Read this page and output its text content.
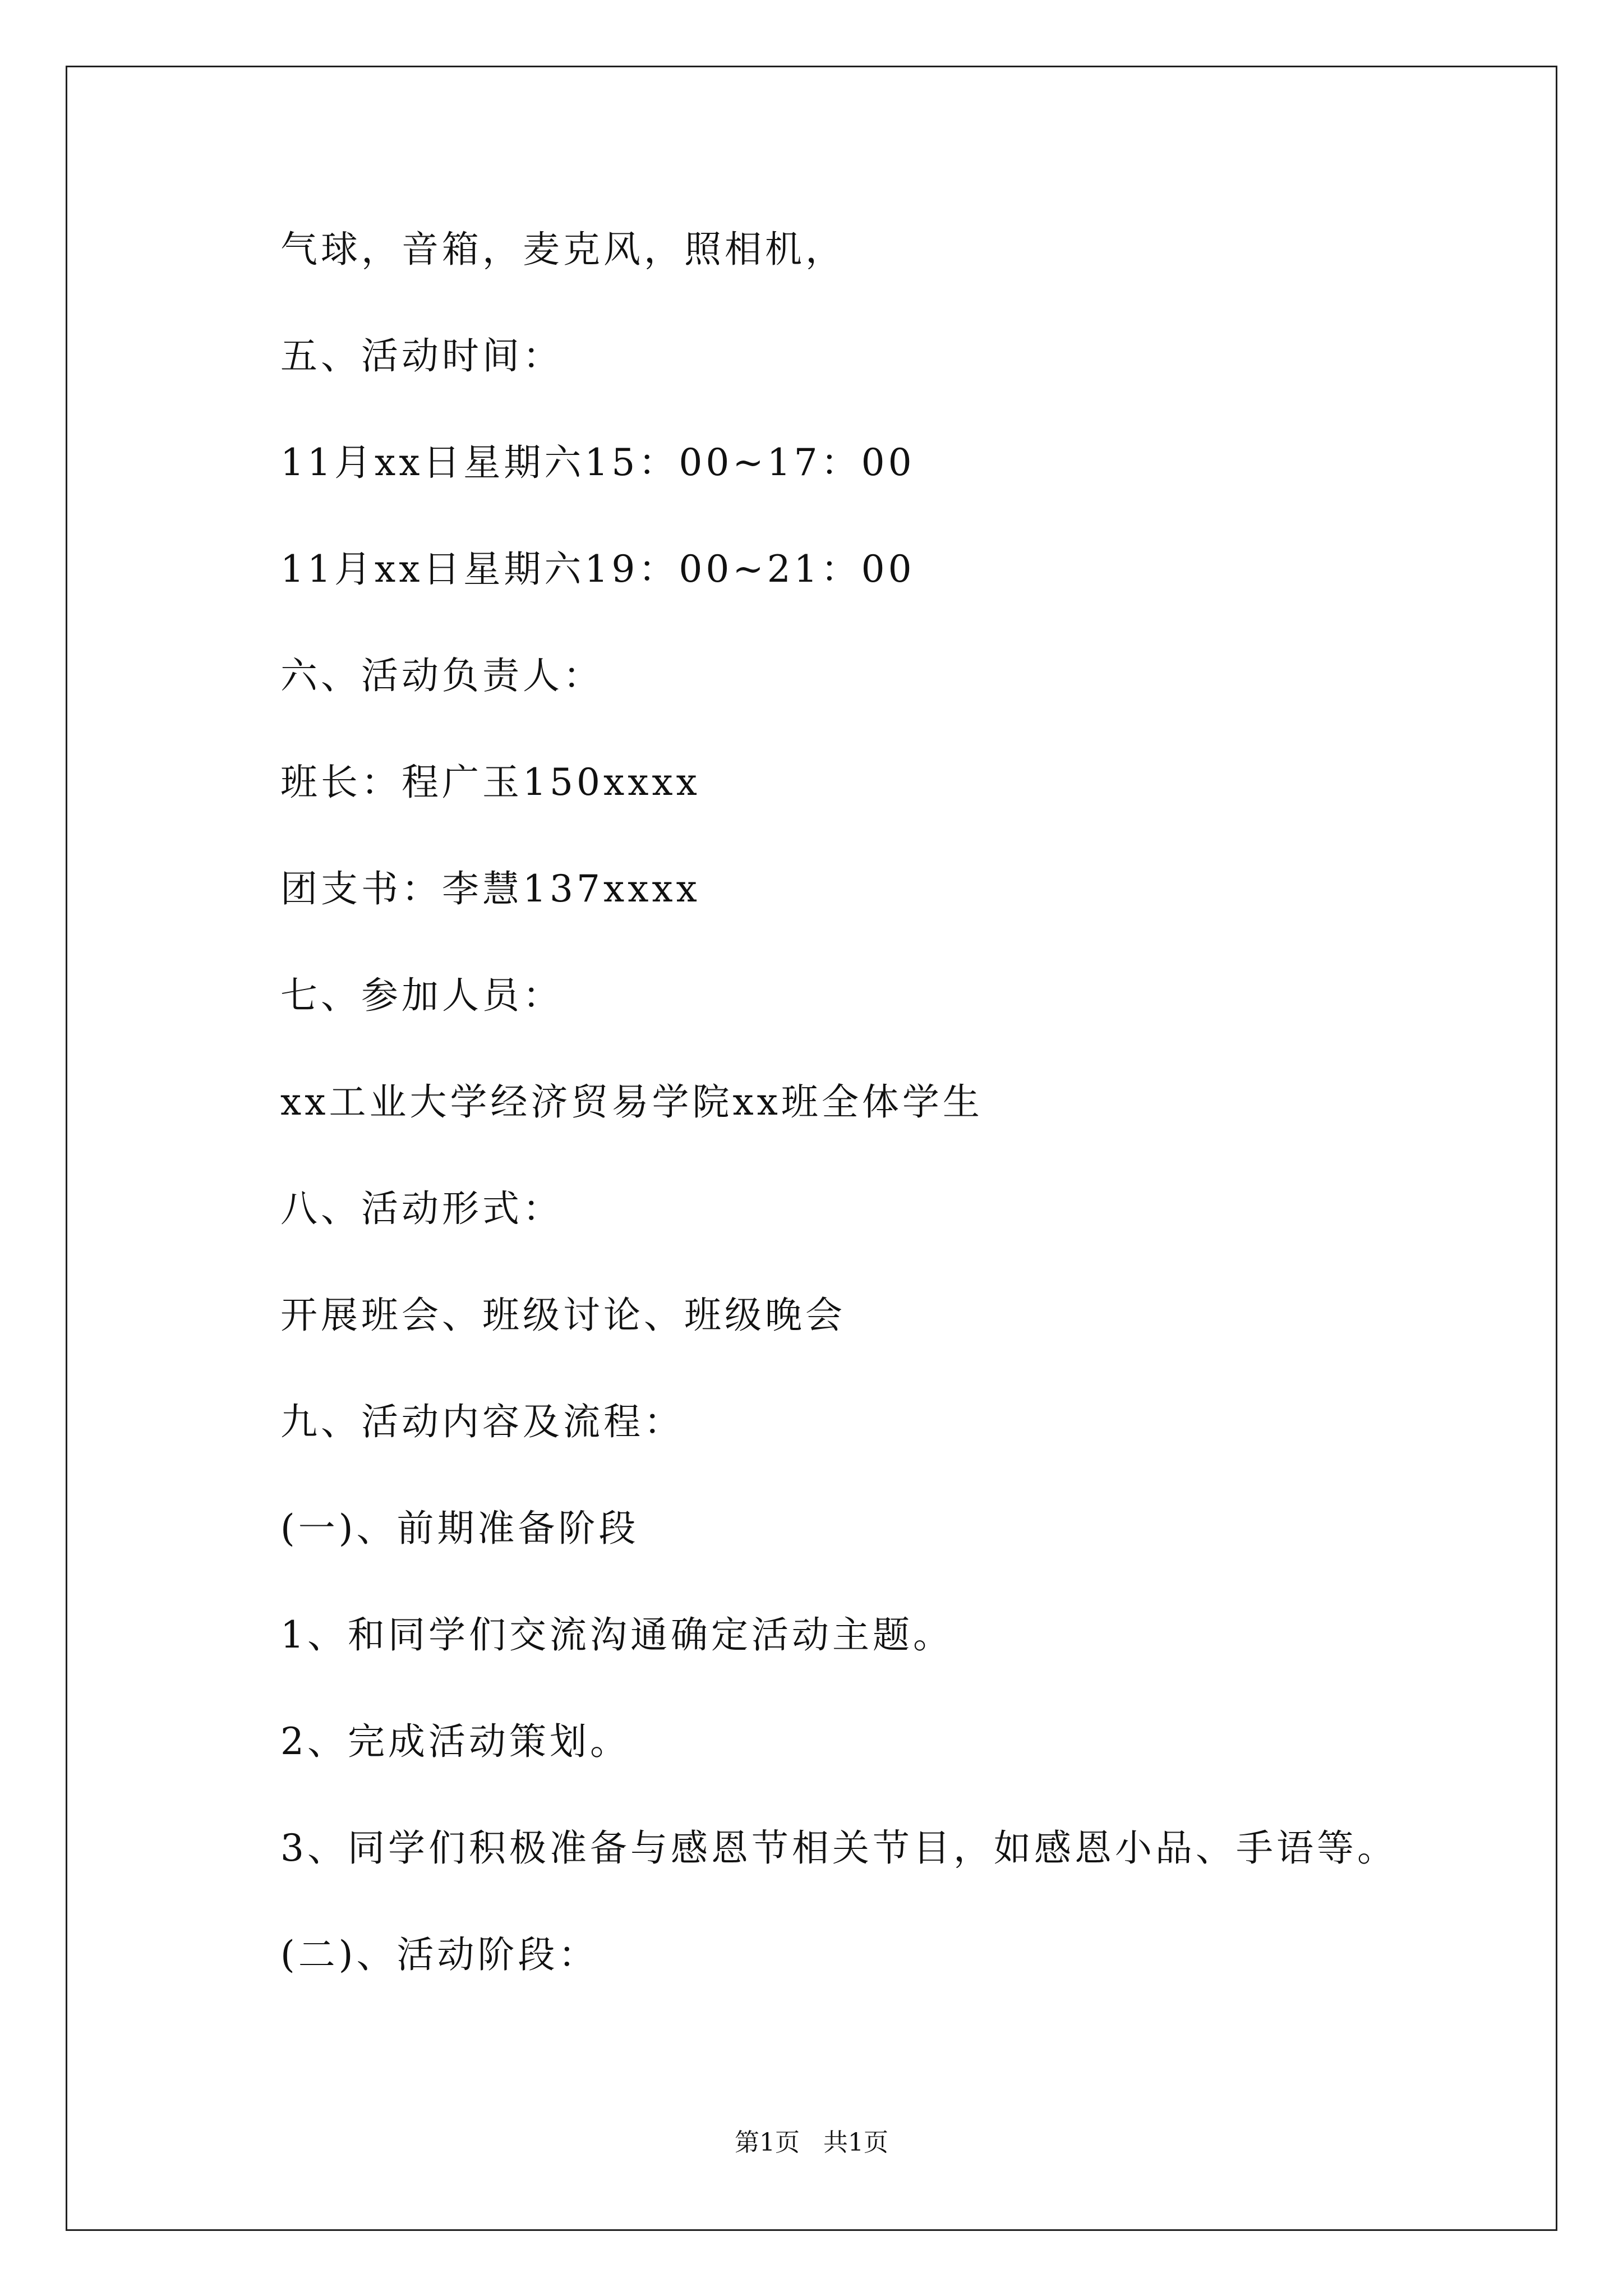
气球，音箱，麦克风，照相机，
五、活动时间：
11月xx日星期六15：00~17：00
11月xx日星期六19：00~21：00
六、活动负责人：
班长：程广玉150xxxx
团支书：李慧137xxxx
七、参加人员：
xx工业大学经济贸易学院xx班全体学生
八、活动形式：
开展班会、班级讨论、班级晚会
九、活动内容及流程：
(一)、前期准备阶段
1、和同学们交流沟通确定活动主题。
2、完成活动策划。
3、同学们积极准备与感恩节相关节目，如感恩小品、手语等。
(二)、活动阶段：
第1页   共1页
